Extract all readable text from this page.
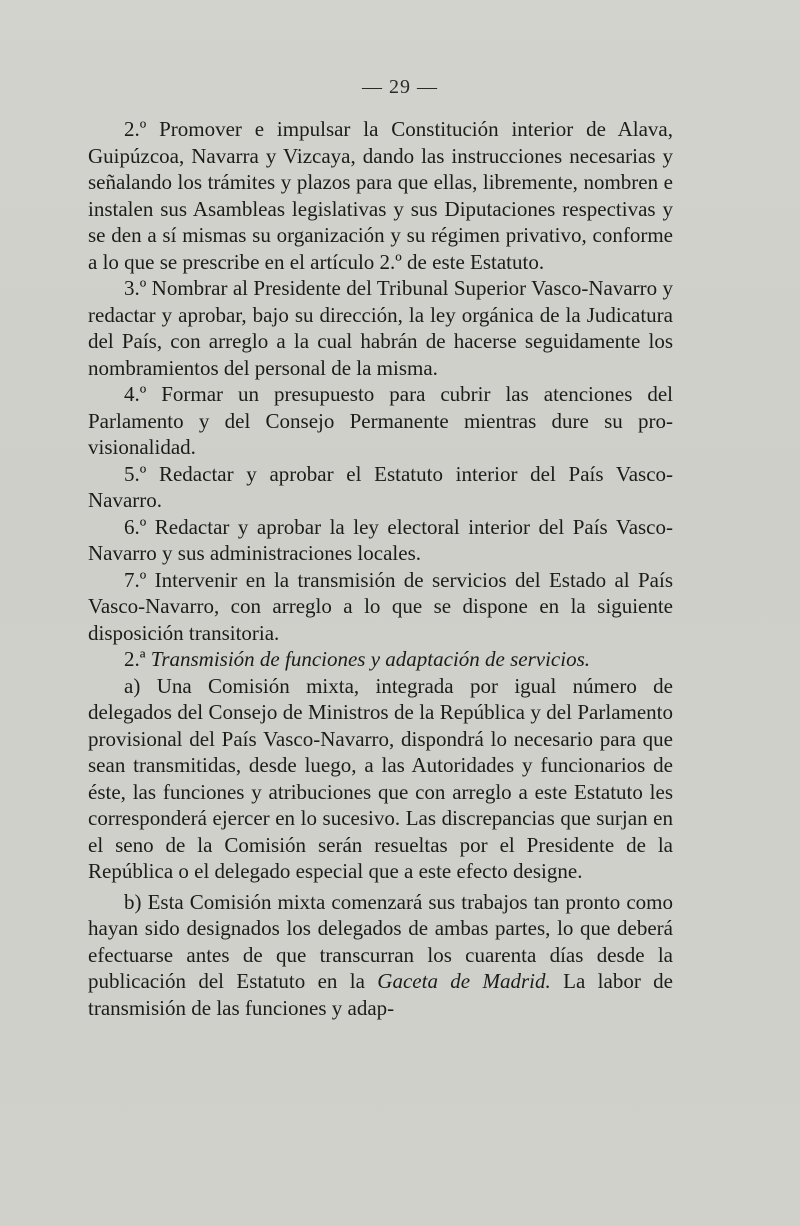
— 29 —

2.º Promover e impulsar la Constitución interior de Alava, Guipúzcoa, Navarra y Vizcaya, dando las instrucciones necesarias y señalando los trámites y plazos para que ellas, libremente, nombren e instalen sus Asambleas legislativas y sus Diputaciones respectivas y se den a sí mismas su organización y su régimen privativo, conforme a lo que se prescribe en el artículo 2.º de este Estatuto.

3.º Nombrar al Presidente del Tribunal Superior Vasco-Navarro y redactar y aprobar, bajo su dirección, la ley orgánica de la Judicatura del País, con arreglo a la cual habrán de hacerse seguidamente los nombramientos del personal de la misma.

4.º Formar un presupuesto para cubrir las atenciones del Parlamento y del Consejo Permanente mientras dure su provisionalidad.

5.º Redactar y aprobar el Estatuto interior del País Vasco-Navarro.

6.º Redactar y aprobar la ley electoral interior del País Vasco-Navarro y sus administraciones locales.

7.º Intervenir en la transmisión de servicios del Estado al País Vasco-Navarro, con arreglo a lo que se dispone en la siguiente disposición transitoria.

2.ª Transmisión de funciones y adaptación de servicios.

a) Una Comisión mixta, integrada por igual número de delegados del Consejo de Ministros de la República y del Parlamento provisional del País Vasco-Navarro, dispondrá lo necesario para que sean transmitidas, desde luego, a las Autoridades y funcionarios de éste, las funciones y atribuciones que con arreglo a este Estatuto les corresponderá ejercer en lo sucesivo. Las discrepancias que surjan en el seno de la Comisión serán resueltas por el Presidente de la República o el delegado especial que a este efecto designe.

b) Esta Comisión mixta comenzará sus trabajos tan pronto como hayan sido designados los delegados de ambas partes, lo que deberá efectuarse antes de que transcurran los cuarenta días desde la publicación del Estatuto en la Gaceta de Madrid. La labor de transmisión de las funciones y adap-
